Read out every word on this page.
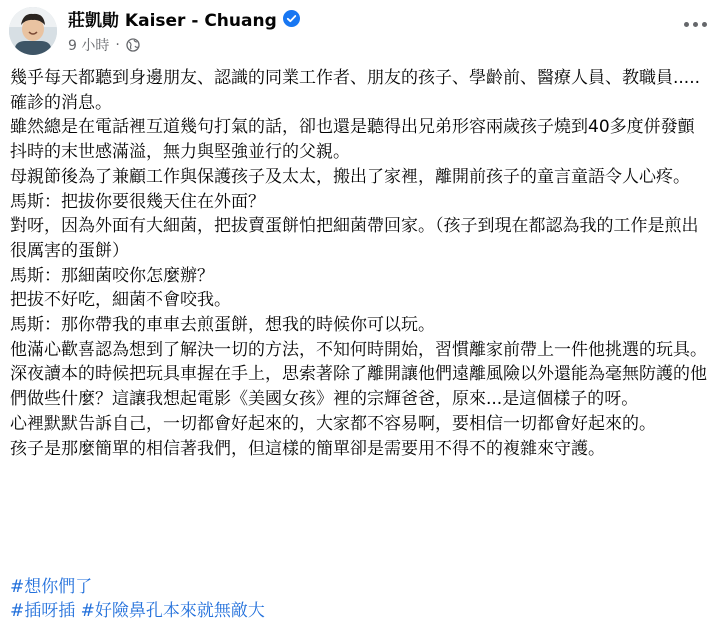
莊凱勛 Kaiser - Chuang
9 小時 ·

幾乎每天都聽到身邊朋友、認識的同業工作者、朋友的孩子、學齡前、醫療人員、教職員.....確診的消息。

雖然總是在電話裡互道幾句打氣的話，卻也還是聽得出兄弟形容兩歲孩子燒到40多度併發顫抖時的末世感滿溢，無力與堅強並行的父親。

母親節後為了兼顧工作與保護孩子及太太，搬出了家裡，離開前孩子的童言童語令人心疼。

馬斯：把拔你要很幾天住在外面？

對呀，因為外面有大細菌，把拔賣蛋餅怕把細菌帶回家。（孩子到現在都認為我的工作是煎出很厲害的蛋餅）

馬斯：那細菌咬你怎麼辦？

把拔不好吃，細菌不會咬我。

馬斯：那你帶我的車車去煎蛋餅，想我的時候你可以玩。

他滿心歡喜認為想到了解決一切的方法，不知何時開始，習慣離家前帶上一件他挑選的玩具。

深夜讀本的時候把玩具車握在手上，思索著除了離開讓他們遠離風險以外還能為毫無防護的他們做些什麼？這讓我想起電影《美國女孩》裡的宗輝爸爸，原來...是這個樣子的呀。

心裡默默告訴自己，一切都會好起來的，大家都不容易啊，要相信一切都會好起來的。

孩子是那麼簡單的相信著我們，但這樣的簡單卻是需要用不得不的複雜來守護。

#想你們了
#插呀插 #好險鼻孔本來就無敵大
